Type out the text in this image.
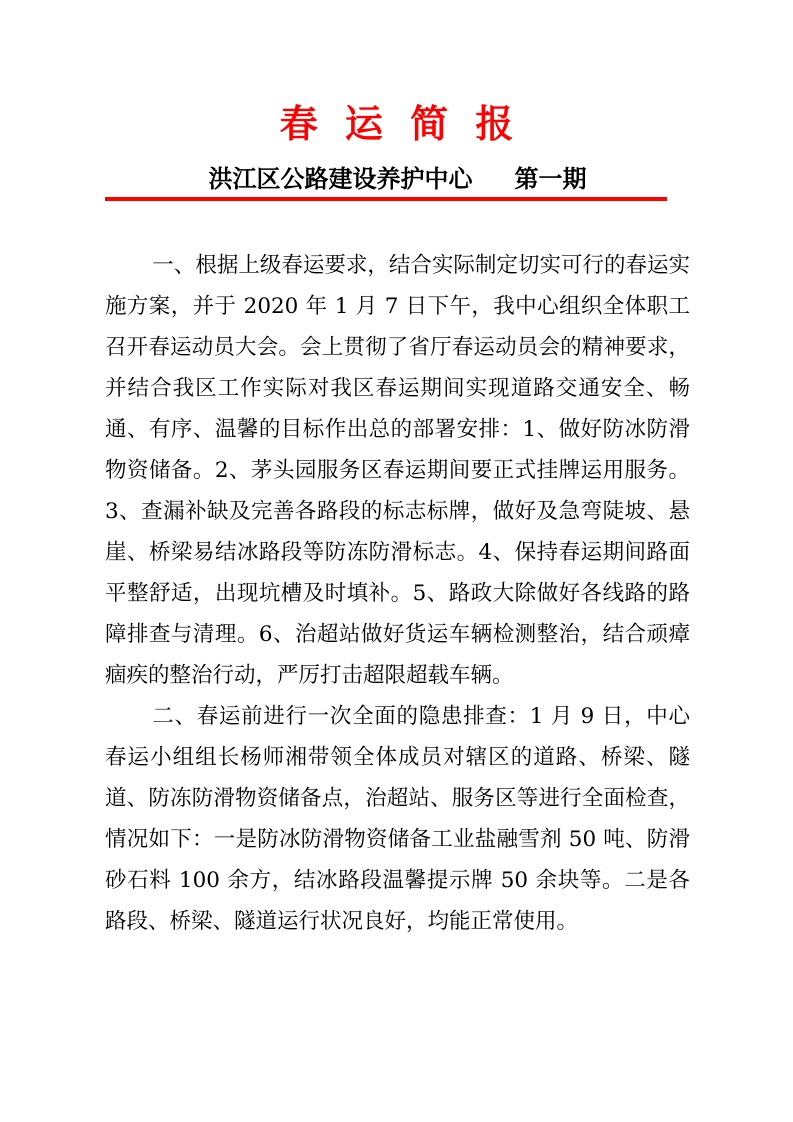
春 运 简 报
洪江区公路建设养护中心 第一期

一、根据上级春运要求，结合实际制定切实可行的春运实施方案，并于 2020 年 1 月 7 日下午，我中心组织全体职工召开春运动员大会。会上贯彻了省厅春运动员会的精神要求，并结合我区工作实际对我区春运期间实现道路交通安全、畅通、有序、温馨的目标作出总的部署安排：1、做好防冰防滑物资储备。2、茅头园服务区春运期间要正式挂牌运用服务。3、查漏补缺及完善各路段的标志标牌，做好及急弯陡坡、悬崖、桥梁易结冰路段等防冻防滑标志。4、保持春运期间路面平整舒适，出现坑槽及时填补。5、路政大除做好各线路的路障排查与清理。6、治超站做好货运车辆检测整治，结合顽瘴痼疾的整治行动，严厉打击超限超载车辆。

二、春运前进行一次全面的隐患排查：1 月 9 日，中心春运小组组长杨师湘带领全体成员对辖区的道路、桥梁、隧道、防冻防滑物资储备点，治超站、服务区等进行全面检查，情况如下：一是防冰防滑物资储备工业盐融雪剂 50 吨、防滑砂石料 100 余方，结冰路段温馨提示牌 50 余块等。二是各路段、桥梁、隧道运行状况良好，均能正常使用。
